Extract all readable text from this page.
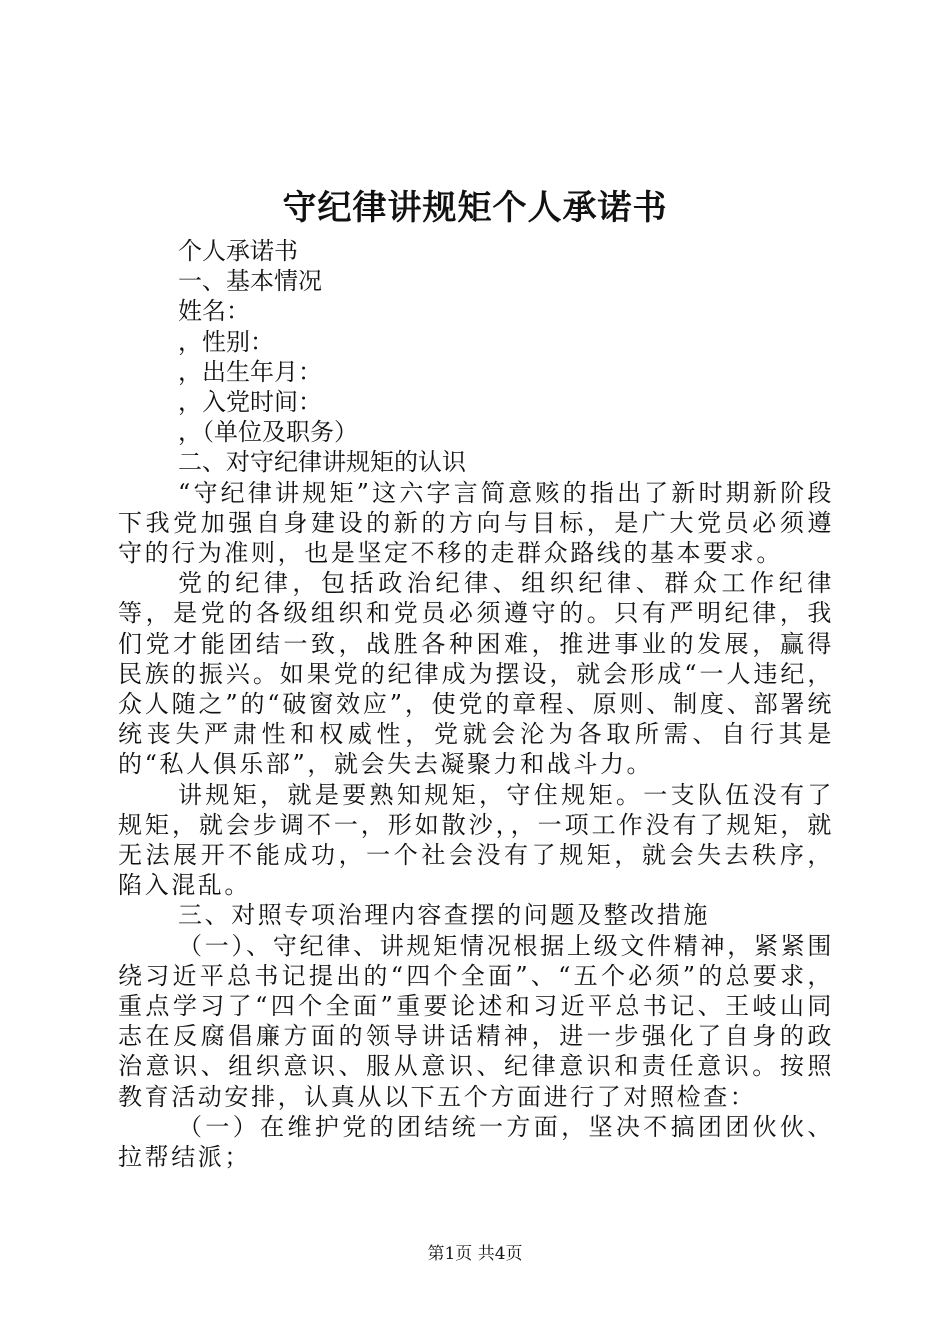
守纪律讲规矩个人承诺书

个人承诺书

一、基本情况

姓名：

，性别：

，出生年月：

，入党时间：

，（单位及职务）

二、对守纪律讲规矩的认识

“守纪律讲规矩”这六字言简意赅的指出了新时期新阶段下我党加强自身建设的新的方向与目标，是广大党员必须遵守的行为准则，也是坚定不移的走群众路线的基本要求。

党的纪律，包括政治纪律、组织纪律、群众工作纪律等，是党的各级组织和党员必须遵守的。只有严明纪律，我们党才能团结一致，战胜各种困难，推进事业的发展，赢得民族的振兴。如果党的纪律成为摆设，就会形成“一人违纪，众人随之”的“破窗效应”，使党的章程、原则、制度、部署统统丧失严肃性和权威性，党就会沦为各取所需、自行其是的“私人俱乐部”，就会失去凝聚力和战斗力。

讲规矩，就是要熟知规矩，守住规矩。一支队伍没有了规矩，就会步调不一，形如散沙，，一项工作没有了规矩，就无法展开不能成功，一个社会没有了规矩，就会失去秩序，陷入混乱。

三、对照专项治理内容查摆的问题及整改措施

（一）、守纪律、讲规矩情况根据上级文件精神，紧紧围绕习近平总书记提出的“四个全面”、“五个必须”的总要求，重点学习了“四个全面”重要论述和习近平总书记、王岐山同志在反腐倡廉方面的领导讲话精神，进一步强化了自身的政治意识、组织意识、服从意识、纪律意识和责任意识。按照教育活动安排，认真从以下五个方面进行了对照检查：

（一）在维护党的团结统一方面，坚决不搞团团伙伙、拉帮结派；

第1页 共4页
